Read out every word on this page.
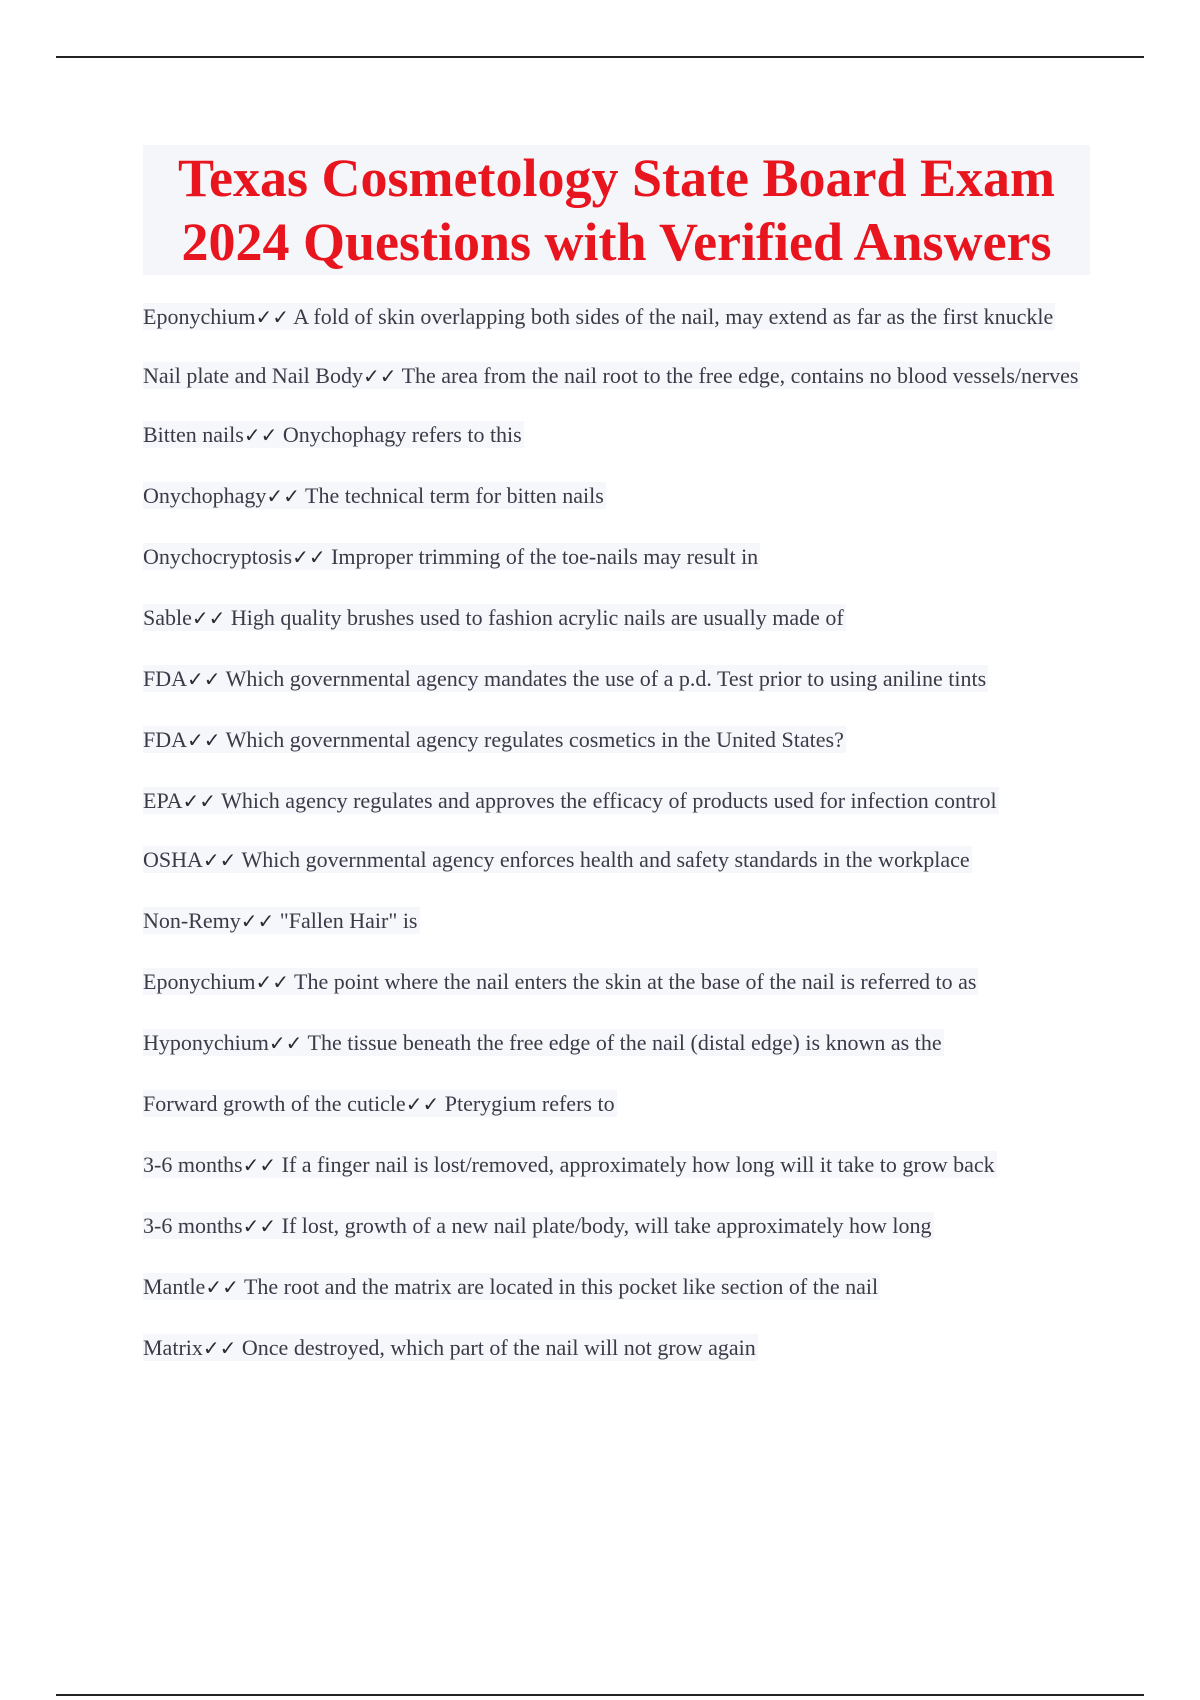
Texas Cosmetology State Board Exam 2024 Questions with Verified Answers
Eponychium✓✓ A fold of skin overlapping both sides of the nail, may extend as far as the first knuckle
Nail plate and Nail Body✓✓ The area from the nail root to the free edge, contains no blood vessels/nerves
Bitten nails✓✓ Onychophagy refers to this
Onychophagy✓✓ The technical term for bitten nails
Onychocryptosis✓✓ Improper trimming of the toe-nails may result in
Sable✓✓ High quality brushes used to fashion acrylic nails are usually made of
FDA✓✓ Which governmental agency mandates the use of a p.d. Test prior to using aniline tints
FDA✓✓ Which governmental agency regulates cosmetics in the United States?
EPA✓✓ Which agency regulates and approves the efficacy of products used for infection control
OSHA✓✓ Which governmental agency enforces health and safety standards in the workplace
Non-Remy✓✓ "Fallen Hair" is
Eponychium✓✓ The point where the nail enters the skin at the base of the nail is referred to as
Hyponychium✓✓ The tissue beneath the free edge of the nail (distal edge) is known as the
Forward growth of the cuticle✓✓ Pterygium refers to
3-6 months✓✓ If a finger nail is lost/removed, approximately how long will it take to grow back
3-6 months✓✓ If lost, growth of a new nail plate/body, will take approximately how long
Mantle✓✓ The root and the matrix are located in this pocket like section of the nail
Matrix✓✓ Once destroyed, which part of the nail will not grow again
